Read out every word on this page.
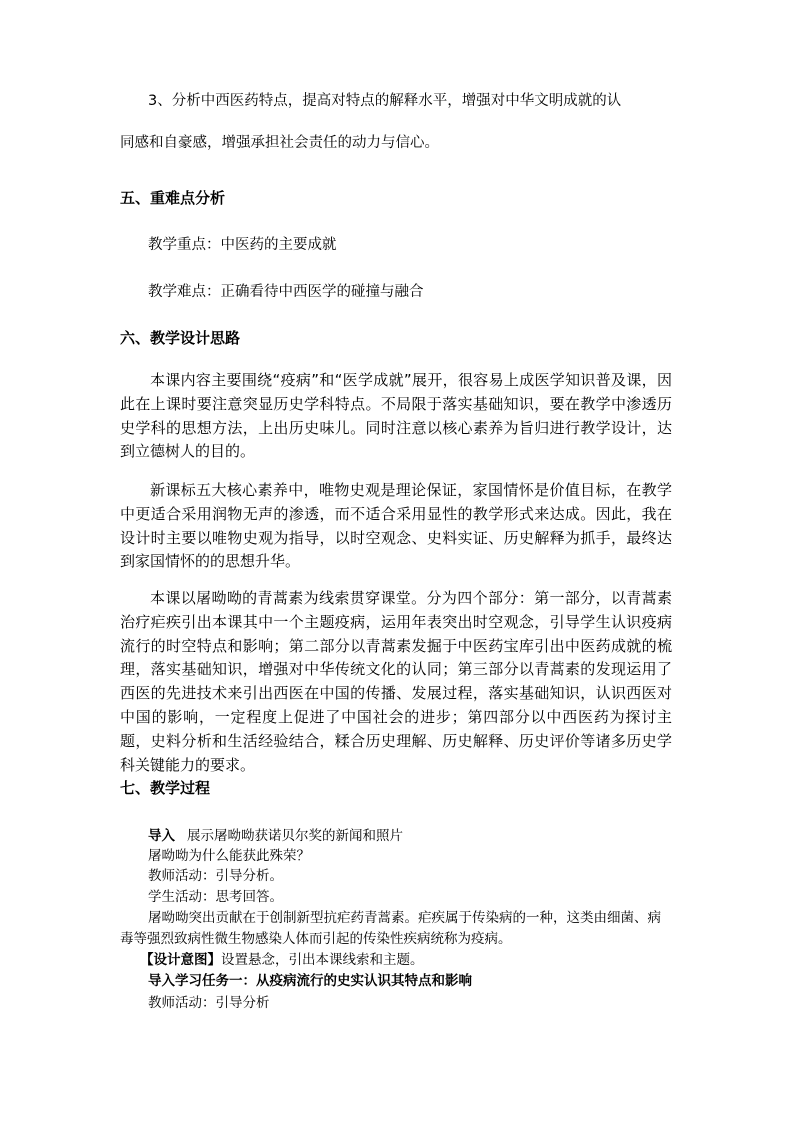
3、分析中西医药特点，提高对特点的解释水平，增强对中华文明成就的认
同感和自豪感，增强承担社会责任的动力与信心。
五、重难点分析
教学重点：中医药的主要成就
教学难点：正确看待中西医学的碰撞与融合
六、教学设计思路
本课内容主要围绕“疫病”和“医学成就”展开，很容易上成医学知识普及课，因此在上课时要注意突显历史学科特点。不局限于落实基础知识，要在教学中渗透历史学科的思想方法，上出历史味儿。同时注意以核心素养为旨归进行教学设计，达到立德树人的目的。
新课标五大核心素养中，唯物史观是理论保证，家国情怀是价值目标，在教学中更适合采用润物无声的渗透，而不适合采用显性的教学形式来达成。因此，我在设计时主要以唯物史观为指导，以时空观念、史料实证、历史解释为抓手，最终达到家国情怀的的思想升华。
本课以屠呦呦的青蒿素为线索贯穿课堂。分为四个部分：第一部分，以青蒿素治疗疟疾引出本课其中一个主题疫病，运用年表突出时空观念，引导学生认识疫病流行的时空特点和影响；第二部分以青蒿素发掘于中医药宝库引出中医药成就的梳理，落实基础知识，增强对中华传统文化的认同；第三部分以青蒿素的发现运用了西医的先进技术来引出西医在中国的传播、发展过程，落实基础知识，认识西医对中国的影响，一定程度上促进了中国社会的进步；第四部分以中西医药为探讨主题，史料分析和生活经验结合，糅合历史理解、历史解释、历史评价等诸多历史学科关键能力的要求。
七、教学过程
导入 展示屠呦呦获诺贝尔奖的新闻和照片
屠呦呦为什么能获此殊荣？
教师活动：引导分析。
学生活动：思考回答。
屠呦呦突出贡献在于创制新型抗疟药青蒿素。疟疾属于传染病的一种，这类由细菌、病
毒等强烈致病性微生物感染人体而引起的传染性疾病统称为疫病。
【设计意图】设置悬念，引出本课线索和主题。
导入学习任务一：从疫病流行的史实认识其特点和影响
教师活动：引导分析
